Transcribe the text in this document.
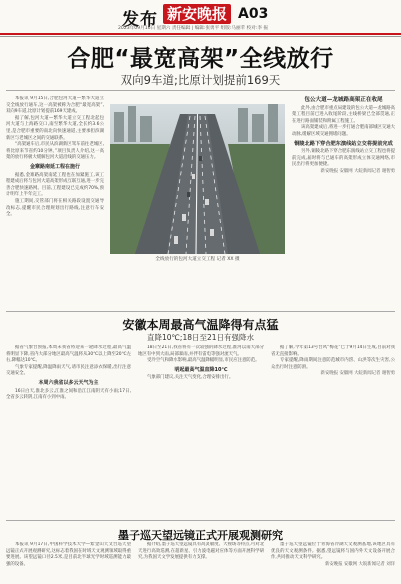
发布 新安晚报 A03
2023年09月16日 星期六 责任编辑 | 编辑:张勇平 组版:马丽苹 校对:李 振
合肥“最宽高架”全线放行
双向9车道;比原计划提前169天

本报讯 9月15日,合肥包河大道—繁华大道立交全线放行通车,这一高架被称为合肥“最宽高架”,双向9车道,比原计划提前169天建成。

据了解,包河大道—繁华大道立交工程北起包河大道与上海路交口,南至繁华大道,全长约3.6公里,是合肥市重要的南北向快速通道,主要承担滨湖新区与老城区之间的交通联系。

“高架通车后,市民从滨湖新区驾车前往老城区,将比原来节省约10分钟。”项目负责人介绍,这一高架的放行将极大缓解包河大道沿线的交通压力。

金寨路南延工程在施行

据悉,金寨路高架南延工程也在加紧施工,该工程建成后将与包河大道高架形成互联互通,进一步完善合肥快速路网。目前,工程建设已完成约70%,预计明年上半年完工。

施工期间,交管部门将在相关路段设置交通导改标志,提醒市民合理规划出行路线,注意行车安全。

全线放行的包河大道立交工程 记者 XX 摄

包公大道—龙城路高架正在收尾

此外,由合肥市重点局建设的包公大道—龙城路高架工程目前已进入收尾阶段,主线桥梁已全部贯通,正在进行路面铺装和附属工程施工。

该高架建成后,将进一步打通合肥南部城区交通大动脉,缓解区域交通拥堵问题。

铜陵北路下穿合肥东演线站立交将提前完成

另外,铜陵北路下穿合肥东演线站立交工程也将提前完成,届时将与已通车的高架形成立体交通网络,市民出行将更加便捷。

新安晚报 安徽网 大皖新闻记者 谢智勇

安徽本周最高气温降得有点猛
直降10℃;18日至21日有强降水

据省气象台预报,本周末我省将迎来一轮降水过程,最高气温将明显下降,省内大部分地区最高气温将从30℃以上降至20℃左右,降幅达10℃。

气象专家提醒,降温降雨天气,请市民注意添衣保暖,出行注意交通安全。

本周六我省以多云天气为主

16日白天,淮北多云,江淮之间和沿江江南阴天有小雨;17日,全省多云转阴,江南有小到中雨。

18日至21日,我省将有一次较强的降水过程,淮河以南大部分地区有中到大雨,局部暴雨,并伴有雷电等强对流天气。

受冷空气和降水影响,最高气温降幅明显,市民应注意防范。

明起最高气温直降10℃

气象部门建议,关注天气变化,合理安排出行。

据了解,今年第13号台风“梅花”已于9月14日生成,目前对我省无直接影响。

专家提醒,降雨期间注意防范城市内涝、山洪等次生灾害,公众出行时注意防滑。

新安晚报 安徽网 大皖新闻记者 谢智勇

墨子巡天望远镜正式开展观测研究

本报讯 9月17日,中国科学技术大学—紫金山天文台巡天望远镜正式开展观测研究,这标志着我国在时域天文观测领域取得重要进展。该望远镜口径2.5米,是目前北半球光学时域巡测能力最强的设备。

据介绍,墨子巡天望远镜具有高灵敏度、大视场等特点,可对北天进行高效巡测,在超新星、引力波电磁对应体等方面开展科学研究,为我国天文学发展提供有力支撑。

墨子巡天望远镜位于青海省冷湖天文观测基地,该地区具有优良的天文观测条件。据悉,望远镜将与国内外天文设备开展合作,共同推动天文科学研究。

新安晚报 安徽网 大皖新闻记者 刘洋
